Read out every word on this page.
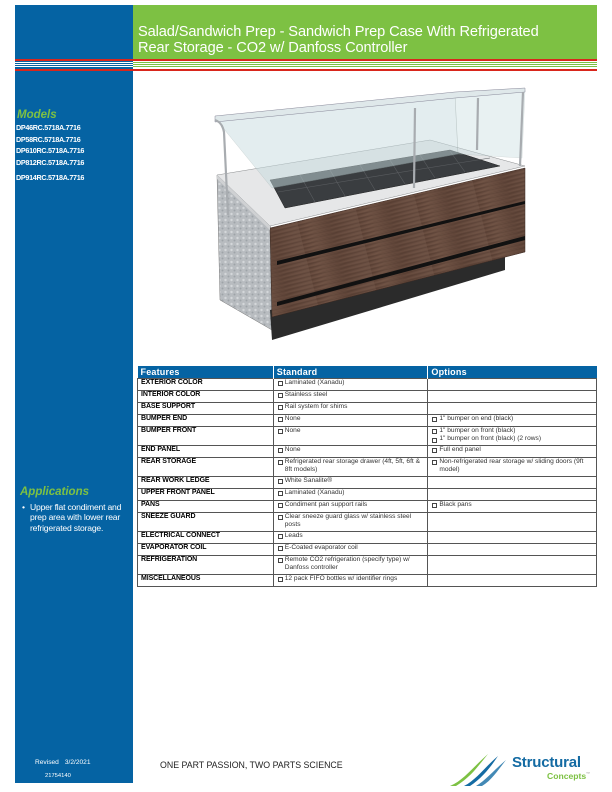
Salad/Sandwich Prep - Sandwich Prep Case With Refrigerated
Rear Storage - CO2 w/ Danfoss Controller
Models
DP46RC.5718A.7716
DP58RC.5718A.7716
DP610RC.5718A.7716
DP812RC.5718A.7716
DP914RC.5718A.7716
Applications
• Upper flat condiment and prep area with lower rear refrigerated storage.
Features	Standard	Options
EXTERIOR COLOR	Laminated (Xanadu)	

INTERIOR COLOR	Stainless steel	

BASE SUPPORT	Rail system for shims	

BUMPER END	None	1" bumper on end (black)

BUMPER FRONT	None	1" bumper on front (black)
1" bumper on front (black) (2 rows)

END PANEL	None	Full end panel

REAR STORAGE	Refrigerated rear storage drawer (4ft, 5ft, 6ft & 8ft models)	Non-refrigerated rear storage w/ sliding doors (9ft model)

REAR WORK LEDGE	White Sanalite®	

UPPER FRONT PANEL	Laminated (Xanadu)	

PANS	Condiment pan support rails	Black pans

SNEEZE GUARD	Clear sneeze guard glass w/ stainless steel posts	

ELECTRICAL CONNECT	Leads	

EVAPORATOR COIL	E-Coated evaporator coil	

REFRIGERATION	Remote CO2 refrigeration (specify type) w/ Danfoss controller	

MISCELLANEOUS	12 pack FIFO bottles w/ identifier rings	

Revised 3/2/2021
21754140
ONE PART PASSION, TWO PARTS SCIENCE	Structural
Concepts™
